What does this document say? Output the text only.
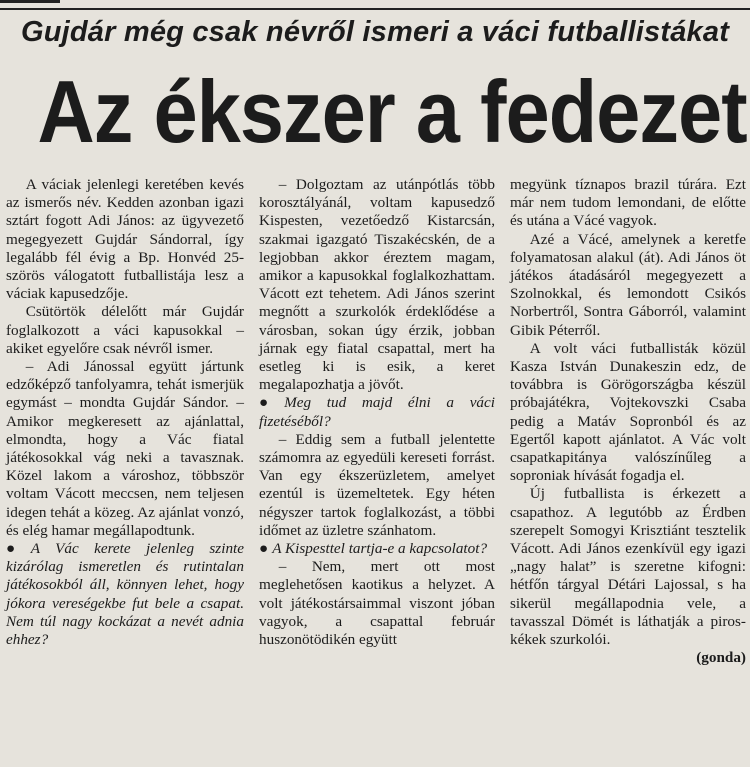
Gujdár még csak névről ismeri a váci futballistákat
Az ékszer a fedezet

A váciak jelenlegi keretében kevés az ismerős név. Kedden azonban igazi sztárt fogott Adi János: az ügyvezető megegyezett Gujdár Sándorral, így legalább fél évig a Bp. Honvéd 25-szörös válogatott futballistája lesz a váciak kapusedzője.

Csütörtök délelőtt már Gujdár foglalkozott a váci kapusokkal – akiket egyelőre csak névről ismer.

– Adi Jánossal együtt jártunk edzőképző tanfolyamra, tehát ismerjük egymást – mondta Gujdár Sándor. – Amikor megkeresett az ajánlattal, elmondta, hogy a Vác fiatal játékosokkal vág neki a tavasznak. Közel lakom a városhoz, többször voltam Vácott meccsen, nem teljesen idegen tehát a közeg. Az ajánlat vonzó, és elég hamar megállapodtunk.

● A Vác kerete jelenleg szinte kizárólag ismeretlen és rutintalan játékosokból áll, könnyen lehet, hogy jókora vereségekbe fut bele a csapat. Nem túl nagy kockázat a nevét adnia ehhez?

– Dolgoztam az utánpótlás több korosztályánál, voltam kapusedző Kispesten, vezetőedző Kistarcsán, szakmai igazgató Tiszakécskén, de a legjobban akkor éreztem magam, amikor a kapusokkal foglalkozhattam. Vácott ezt tehetem. Adi János szerint megnőtt a szurkolók érdeklődése a városban, sokan úgy érzik, jobban járnak egy fiatal csapattal, mert ha esetleg ki is esik, a keret megalapozhatja a jövőt.

● Meg tud majd élni a váci fizetéséből?

– Eddig sem a futball jelentette számomra az egyedüli kereseti forrást. Van egy ékszerüzletem, amelyet ezentúl is üzemeltetek. Egy héten négyszer tartok foglalkozást, a többi időmet az üzletre szánhatom.

● A Kispesttel tartja-e a kapcsolatot?

– Nem, mert ott most meglehetősen kaotikus a helyzet. A volt játékostársaimmal viszont jóban vagyok, a csapattal február huszonötödikén együtt

megyünk tíznapos brazil túrára. Ezt már nem tudom lemondani, de előtte és utána a Vácé vagyok.

Azé a Vácé, amelynek a keretfe folyamatosan alakul (át). Adi János öt játékos átadásáról megegyezett a Szolnokkal, és lemondott Csikós Norbertről, Sontra Gáborról, valamint Gibik Péterről.

A volt váci futballisták közül Kasza István Dunakeszin edz, de továbbra is Görögországba készül próbajátékra, Vojtekovszki Csaba pedig a Matáv Sopronból és az Egertől kapott ajánlatot. A Vác volt csapatkapitánya valószínűleg a soproniak hívását fogadja el.

Új futballista is érkezett a csapathoz. A legutóbb az Érdben szerepelt Somogyi Krisztiánt tesztelik Vácott. Adi János ezenkívül egy igazi „nagy halat” is szeretne kifogni: hétfőn tárgyal Détári Lajossal, s ha sikerül megállapodnia vele, a tavasszal Dömét is láthatják a piros-kékek szurkolói.

(gonda)
